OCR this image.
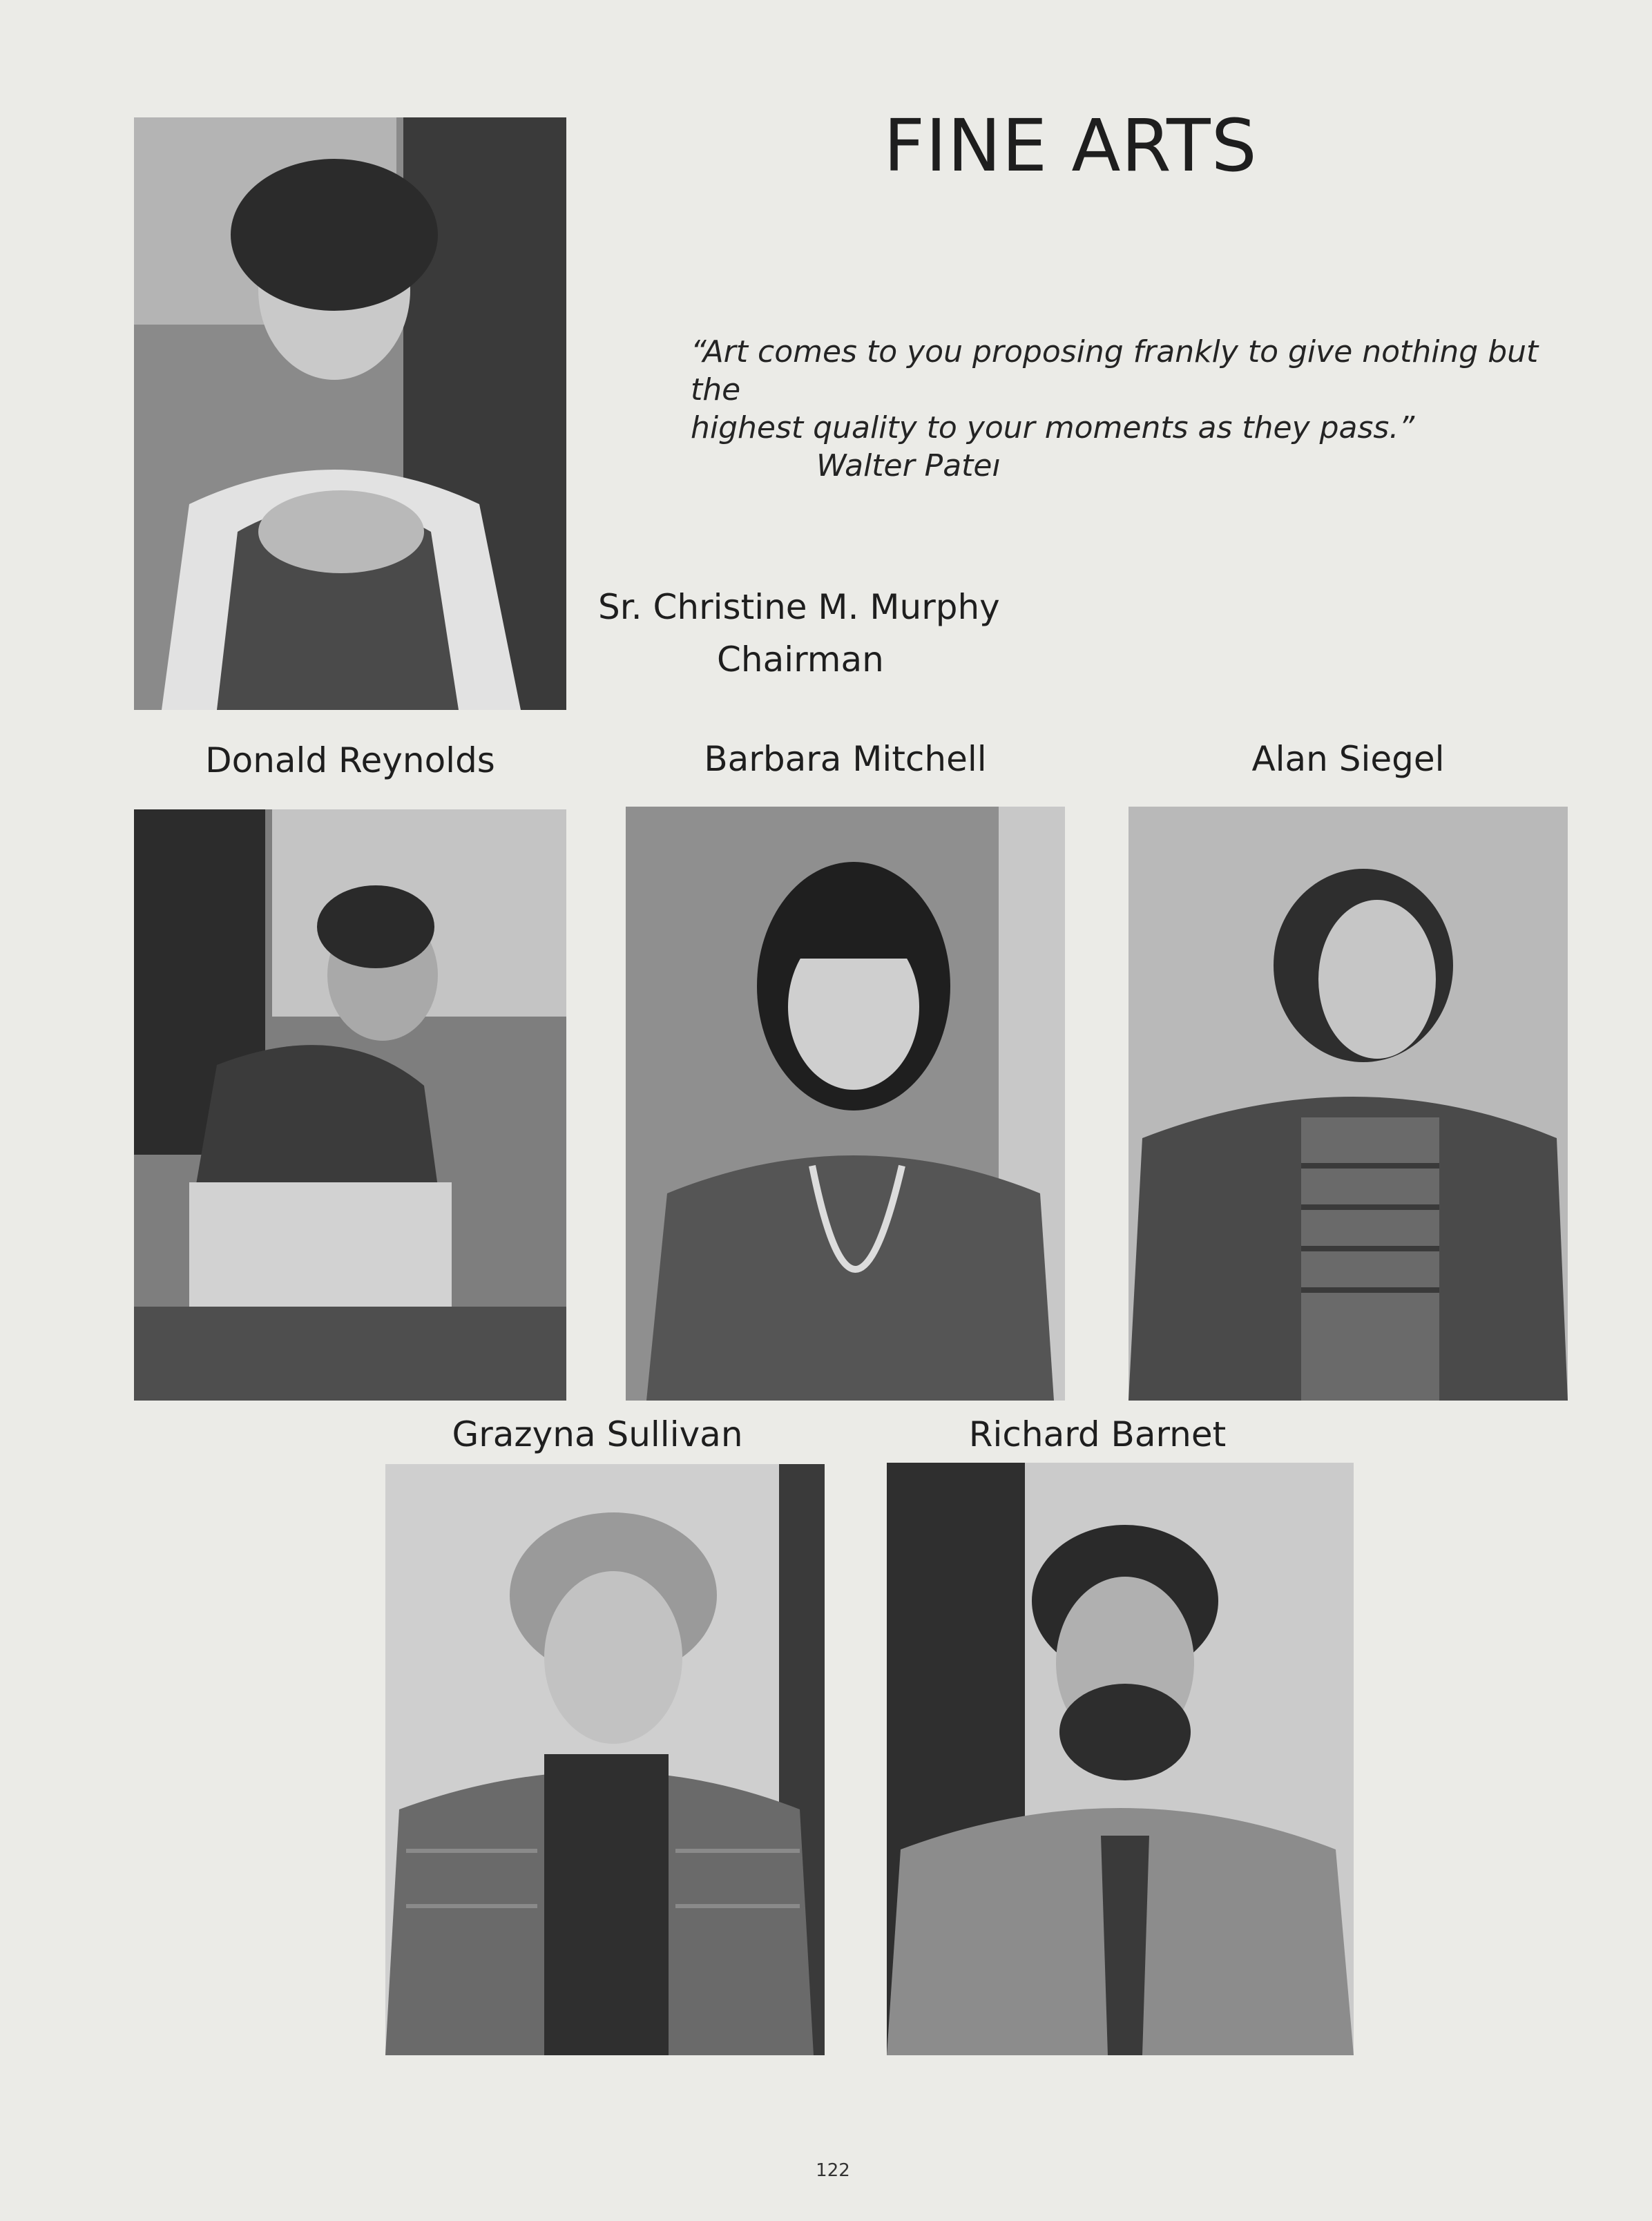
FINE ARTS
“Art comes to you proposing frankly to give nothing but the
highest quality to your moments as they pass.”

Walter Pateı
Sr. Christine M. Murphy
Chairman
Donald Reynolds	Barbara Mitchell	Alan Siegel
Grazyna Sullivan	Richard Barnet
122
